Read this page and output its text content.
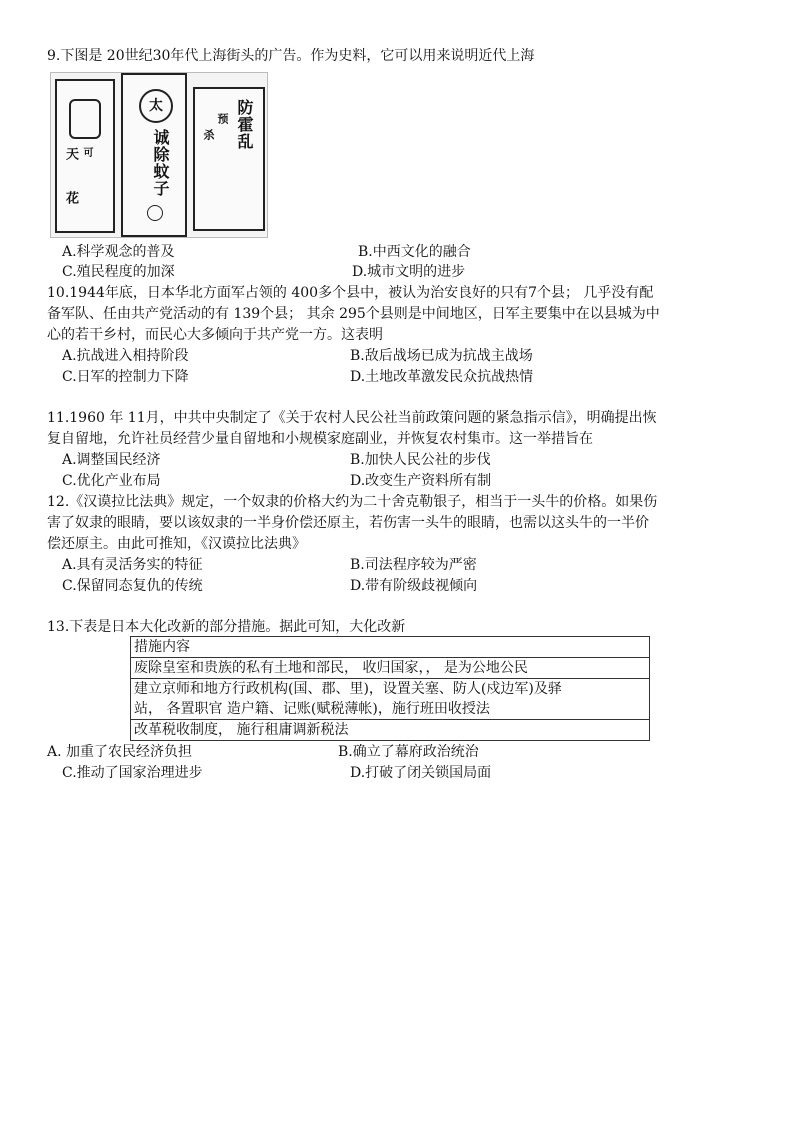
9.下图是 20世纪30年代上海街头的广告。作为史料，它可以用来说明近代上海
天 可
花
太
诚除蚊子
防霍乱
预
杀
A.科学观念的普及	B.中西文化的融合
C.殖民程度的加深	D.城市文明的进步
10.1944年底，日本华北方面军占领的 400多个县中，被认为治安良好的只有7个县； 几乎没有配
备军队、任由共产党活动的有 139个县； 其余 295个县则是中间地区，日军主要集中在以县城为中
心的若干乡村，而民心大多倾向于共产党一方。这表明
A.抗战进入相持阶段	B.敌后战场已成为抗战主战场
C.日军的控制力下降	D.土地改革激发民众抗战热情
11.1960 年 11月，中共中央制定了《关于农村人民公社当前政策问题的紧急指示信》，明确提出恢
复自留地，允许社员经营少量自留地和小规模家庭副业，并恢复农村集市。这一举措旨在
A.调整国民经济	B.加快人民公社的步伐
C.优化产业布局	D.改变生产资料所有制
12.《汉谟拉比法典》规定，一个奴隶的价格大约为二十舍克勒银子，相当于一头牛的价格。如果伤
害了奴隶的眼睛，要以该奴隶的一半身价偿还原主，若伤害一头牛的眼睛，也需以这头牛的一半价
偿还原主。由此可推知，《汉谟拉比法典》
A.具有灵活务实的特征	B.司法程序较为严密
C.保留同态复仇的传统	D.带有阶级歧视倾向
13.下表是日本大化改新的部分措施。据此可知，大化改新
措施内容
废除皇室和贵族的私有土地和部民， 收归国家，， 是为公地公民

建立京师和地方行政机构(国、郡、里)，设置关塞、防人(戍边军)及驿
站， 各置职官 造户籍、记账(赋税薄帐)，施行班田收授法

改革税收制度， 施行租庸调新税法
A. 加重了农民经济负担	B.确立了幕府政治统治
C.推动了国家治理进步	D.打破了闭关锁国局面
